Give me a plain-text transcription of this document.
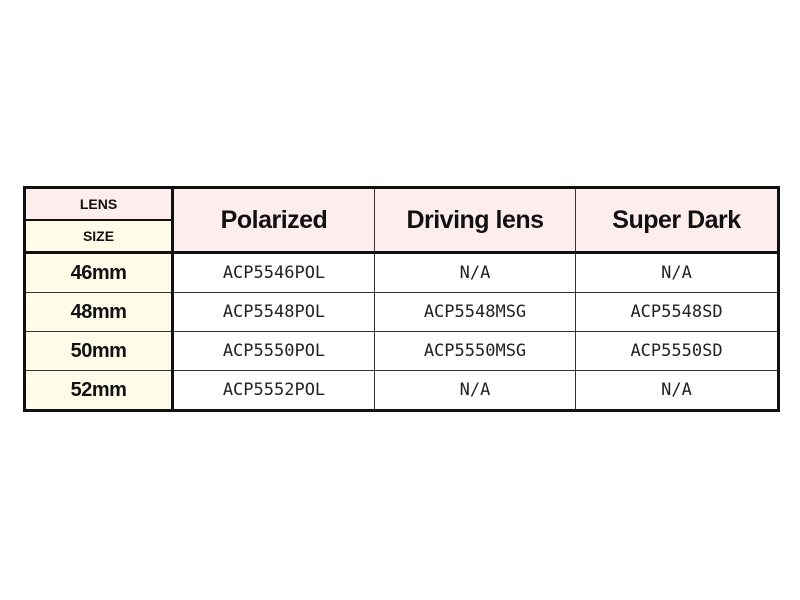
LENS	Polarized	Driving lens	Super Dark
SIZE			
46mm	ACP5546POL	N/A	N/A
48mm	ACP5548POL	ACP5548MSG	ACP5548SD
50mm	ACP5550POL	ACP5550MSG	ACP5550SD
52mm	ACP5552POL	N/A	N/A
